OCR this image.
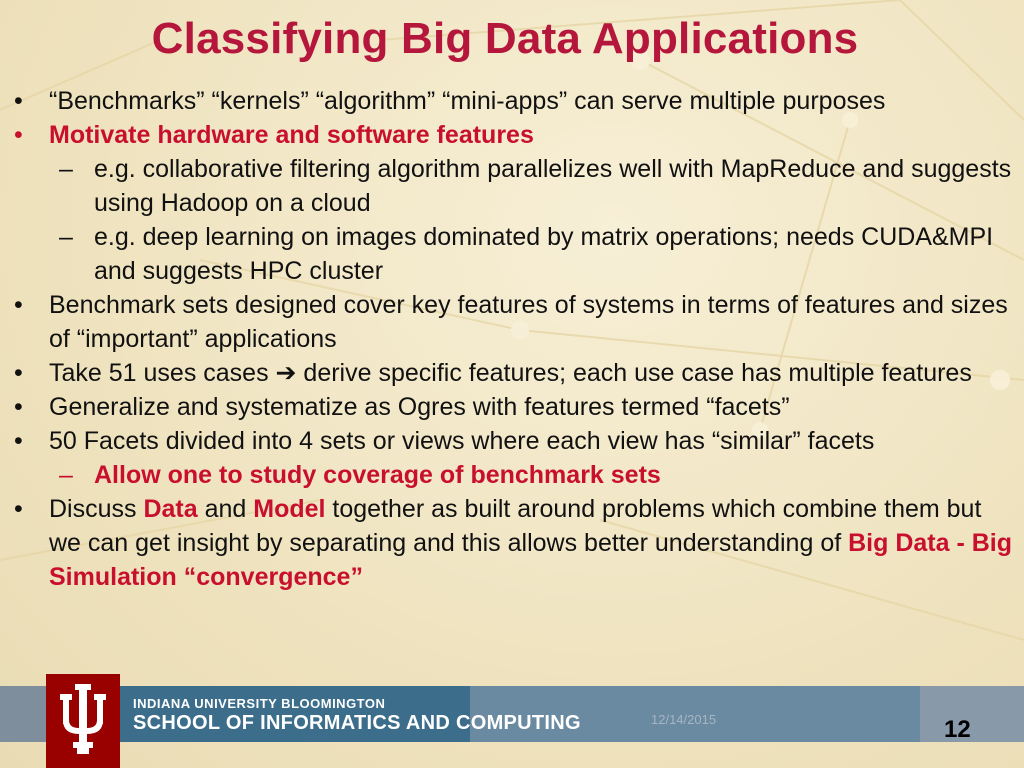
Classifying Big Data Applications
• “Benchmarks” “kernels” “algorithm” “mini-apps” can serve multiple purposes
• Motivate hardware and software features
– e.g. collaborative filtering algorithm parallelizes well with MapReduce and suggests using Hadoop on a cloud
– e.g. deep learning on images dominated by matrix operations; needs CUDA&MPI and suggests HPC cluster
• Benchmark sets designed cover key features of systems in terms of features and sizes of “important” applications
• Take 51 uses cases ➔ derive specific features; each use case has multiple features
• Generalize and systematize as Ogres with features termed “facets”
• 50 Facets divided into 4 sets or views where each view has “similar” facets
– Allow one to study coverage of benchmark sets
• Discuss Data and Model together as built around problems which combine them but we can get insight by separating and this allows better understanding of Big Data - Big Simulation “convergence”
INDIANA UNIVERSITY BLOOMINGTON
SCHOOL OF INFORMATICS AND COMPUTING	12/14/2015	12
